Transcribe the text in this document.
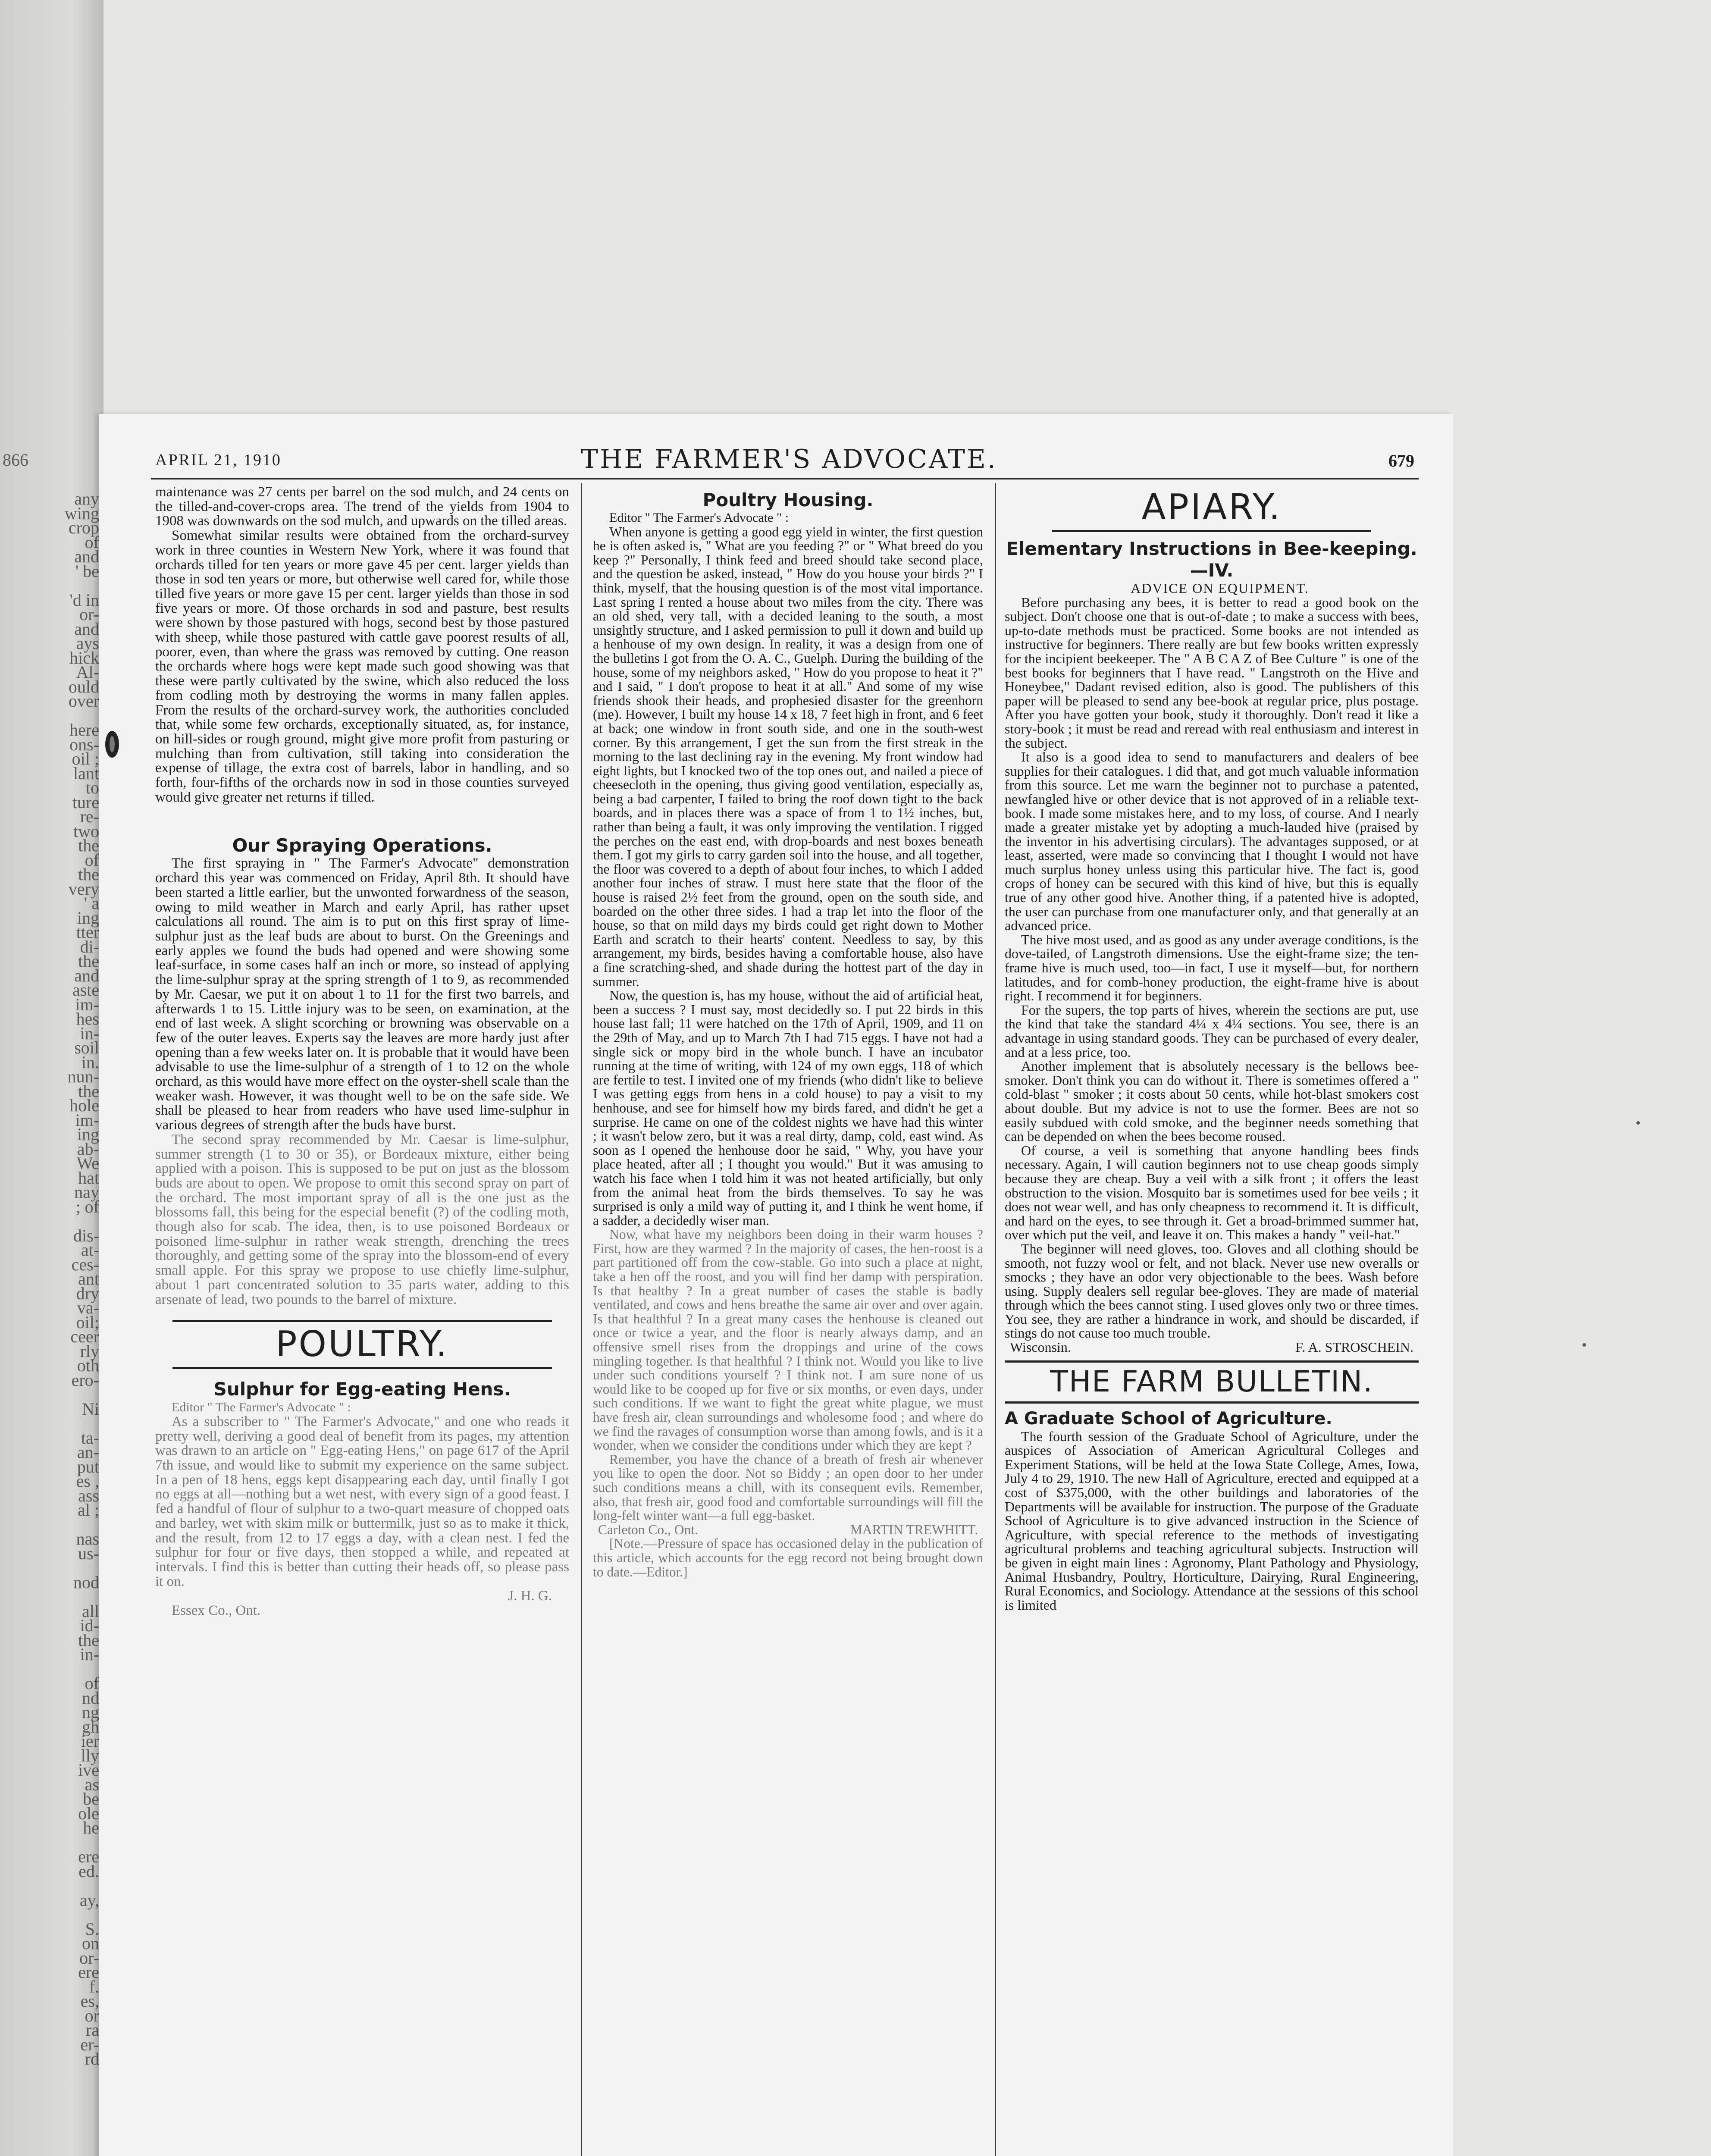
866
any
wing
crop
of
and
' be
'd in
or-
and
ays
hick
Al-
ould
over
here
ons-
oil ;
lant
to
ture
re-
two
the
of
the
very
' a
ing
tter
di-
the
and
aste
im-
hes
in-
soil
in.
nun-
the
hole
im-
ing
ab-
We
hat
nay
; of
dis-
at-
ces-
ant
dry
va-
oil;
ceer
rly
oth
ero-
Ni
ta-
an-
put
es ,
ass
al ;
nas
us-
nod
all
id-
the
in-
of
nd
ng
gh
ier
lly
ive
as
be
ole
he
ere
ed.
ay,
S.
on
or-
ere
f.
es,
or
ra
er-
rd
APRIL 21, 1910	THE FARMER'S ADVOCATE.	679

maintenance was 27 cents per barrel on the sod mulch, and 24 cents on the tilled-and-cover-crops area. The trend of the yields from 1904 to 1908 was downwards on the sod mulch, and upwards on the tilled areas.

Somewhat similar results were obtained from the orchard-survey work in three counties in Western New York, where it was found that orchards tilled for ten years or more gave 45 per cent. larger yields than those in sod ten years or more, but otherwise well cared for, while those tilled five years or more gave 15 per cent. larger yields than those in sod five years or more. Of those orchards in sod and pasture, best results were shown by those pastured with hogs, second best by those pastured with sheep, while those pastured with cattle gave poorest results of all, poorer, even, than where the grass was removed by cutting. One reason the orchards where hogs were kept made such good showing was that these were partly cultivated by the swine, which also reduced the loss from codling moth by destroying the worms in many fallen apples. From the results of the orchard-survey work, the authorities concluded that, while some few orchards, exceptionally situated, as, for instance, on hill-sides or rough ground, might give more profit from pasturing or mulching than from cultivation, still taking into consideration the expense of tillage, the extra cost of barrels, labor in handling, and so forth, four-fifths of the orchards now in sod in those counties surveyed would give greater net returns if tilled.

Our Spraying Operations.

The first spraying in " The Farmer's Advocate" demonstration orchard this year was commenced on Friday, April 8th. It should have been started a little earlier, but the unwonted forwardness of the season, owing to mild weather in March and early April, has rather upset calculations all round. The aim is to put on this first spray of lime-sulphur just as the leaf buds are about to burst. On the Greenings and early apples we found the buds had opened and were showing some leaf-surface, in some cases half an inch or more, so instead of applying the lime-sulphur spray at the spring strength of 1 to 9, as recommended by Mr. Caesar, we put it on about 1 to 11 for the first two barrels, and afterwards 1 to 15. Little injury was to be seen, on examination, at the end of last week. A slight scorching or browning was observable on a few of the outer leaves. Experts say the leaves are more hardy just after opening than a few weeks later on. It is probable that it would have been advisable to use the lime-sulphur of a strength of 1 to 12 on the whole orchard, as this would have more effect on the oyster-shell scale than the weaker wash. However, it was thought well to be on the safe side. We shall be pleased to hear from readers who have used lime-sulphur in various degrees of strength after the buds have burst.

The second spray recommended by Mr. Caesar is lime-sulphur, summer strength (1 to 30 or 35), or Bordeaux mixture, either being applied with a poison. This is supposed to be put on just as the blossom buds are about to open. We propose to omit this second spray on part of the orchard. The most important spray of all is the one just as the blossoms fall, this being for the especial benefit (?) of the codling moth, though also for scab. The idea, then, is to use poisoned Bordeaux or poisoned lime-sulphur in rather weak strength, drenching the trees thoroughly, and getting some of the spray into the blossom-end of every small apple. For this spray we propose to use chiefly lime-sulphur, about 1 part concentrated solution to 35 parts water, adding to this arsenate of lead, two pounds to the barrel of mixture.

POULTRY.
Sulphur for Egg-eating Hens.

Editor " The Farmer's Advocate " :

As a subscriber to " The Farmer's Advocate," and one who reads it pretty well, deriving a good deal of benefit from its pages, my attention was drawn to an article on " Egg-eating Hens," on page 617 of the April 7th issue, and would like to submit my experience on the same subject. In a pen of 18 hens, eggs kept disappearing each day, until finally I got no eggs at all—nothing but a wet nest, with every sign of a good feast. I fed a handful of flour of sulphur to a two-quart measure of chopped oats and barley, wet with skim milk or buttermilk, just so as to make it thick, and the result, from 12 to 17 eggs a day, with a clean nest. I fed the sulphur for four or five days, then stopped a while, and repeated at intervals. I find this is better than cutting their heads off, so please pass it on.

J. H. G.

Essex Co., Ont.

Poultry Housing.

Editor " The Farmer's Advocate " :

When anyone is getting a good egg yield in winter, the first question he is often asked is, " What are you feeding ?" or " What breed do you keep ?" Personally, I think feed and breed should take second place, and the question be asked, instead, " How do you house your birds ?" I think, myself, that the housing question is of the most vital importance. Last spring I rented a house about two miles from the city. There was an old shed, very tall, with a decided leaning to the south, a most unsightly structure, and I asked permission to pull it down and build up a henhouse of my own design. In reality, it was a design from one of the bulletins I got from the O. A. C., Guelph. During the building of the house, some of my neighbors asked, " How do you propose to heat it ?" and I said, " I don't propose to heat it at all." And some of my wise friends shook their heads, and prophesied disaster for the greenhorn (me). However, I built my house 14 x 18, 7 feet high in front, and 6 feet at back; one window in front south side, and one in the south-west corner. By this arrangement, I get the sun from the first streak in the morning to the last declining ray in the evening. My front window had eight lights, but I knocked two of the top ones out, and nailed a piece of cheesecloth in the opening, thus giving good ventilation, especially as, being a bad carpenter, I failed to bring the roof down tight to the back boards, and in places there was a space of from 1 to 1½ inches, but, rather than being a fault, it was only improving the ventilation. I rigged the perches on the east end, with drop-boards and nest boxes beneath them. I got my girls to carry garden soil into the house, and all together, the floor was covered to a depth of about four inches, to which I added another four inches of straw. I must here state that the floor of the house is raised 2½ feet from the ground, open on the south side, and boarded on the other three sides. I had a trap let into the floor of the house, so that on mild days my birds could get right down to Mother Earth and scratch to their hearts' content. Needless to say, by this arrangement, my birds, besides having a comfortable house, also have a fine scratching-shed, and shade during the hottest part of the day in summer.

Now, the question is, has my house, without the aid of artificial heat, been a success ? I must say, most decidedly so. I put 22 birds in this house last fall; 11 were hatched on the 17th of April, 1909, and 11 on the 29th of May, and up to March 7th I had 715 eggs. I have not had a single sick or mopy bird in the whole bunch. I have an incubator running at the time of writing, with 124 of my own eggs, 118 of which are fertile to test. I invited one of my friends (who didn't like to believe I was getting eggs from hens in a cold house) to pay a visit to my henhouse, and see for himself how my birds fared, and didn't he get a surprise. He came on one of the coldest nights we have had this winter ; it wasn't below zero, but it was a real dirty, damp, cold, east wind. As soon as I opened the henhouse door he said, " Why, you have your place heated, after all ; I thought you would." But it was amusing to watch his face when I told him it was not heated artificially, but only from the animal heat from the birds themselves. To say he was surprised is only a mild way of putting it, and I think he went home, if a sadder, a decidedly wiser man.

Now, what have my neighbors been doing in their warm houses ? First, how are they warmed ? In the majority of cases, the hen-roost is a part partitioned off from the cow-stable. Go into such a place at night, take a hen off the roost, and you will find her damp with perspiration. Is that healthy ? In a great number of cases the stable is badly ventilated, and cows and hens breathe the same air over and over again. Is that healthful ? In a great many cases the henhouse is cleaned out once or twice a year, and the floor is nearly always damp, and an offensive smell rises from the droppings and urine of the cows mingling together. Is that healthful ? I think not. Would you like to live under such conditions yourself ? I think not. I am sure none of us would like to be cooped up for five or six months, or even days, under such conditions. If we want to fight the great white plague, we must have fresh air, clean surroundings and wholesome food ; and where do we find the ravages of consumption worse than among fowls, and is it a wonder, when we consider the conditions under which they are kept ?

Remember, you have the chance of a breath of fresh air whenever you like to open the door. Not so Biddy ; an open door to her under such conditions means a chill, with its consequent evils. Remember, also, that fresh air, good food and comfortable surroundings will fill the long-felt winter want—a full egg-basket.

Carleton Co., Ont.	MARTIN TREWHITT.

[Note.—Pressure of space has occasioned delay in the publication of this article, which accounts for the egg record not being brought down to date.—Editor.]

APIARY.
Elementary Instructions in Bee-keeping.—IV.

ADVICE ON EQUIPMENT.

Before purchasing any bees, it is better to read a good book on the subject. Don't choose one that is out-of-date ; to make a success with bees, up-to-date methods must be practiced. Some books are not intended as instructive for beginners. There really are but few books written expressly for the incipient beekeeper. The " A B C A Z of Bee Culture " is one of the best books for beginners that I have read. " Langstroth on the Hive and Honeybee," Dadant revised edition, also is good. The publishers of this paper will be pleased to send any bee-book at regular price, plus postage. After you have gotten your book, study it thoroughly. Don't read it like a story-book ; it must be read and reread with real enthusiasm and interest in the subject.

It also is a good idea to send to manufacturers and dealers of bee supplies for their catalogues. I did that, and got much valuable information from this source. Let me warn the beginner not to purchase a patented, newfangled hive or other device that is not approved of in a reliable text-book. I made some mistakes here, and to my loss, of course. And I nearly made a greater mistake yet by adopting a much-lauded hive (praised by the inventor in his advertising circulars). The advantages supposed, or at least, asserted, were made so convincing that I thought I would not have much surplus honey unless using this particular hive. The fact is, good crops of honey can be secured with this kind of hive, but this is equally true of any other good hive. Another thing, if a patented hive is adopted, the user can purchase from one manufacturer only, and that generally at an advanced price.

The hive most used, and as good as any under average conditions, is the dove-tailed, of Langstroth dimensions. Use the eight-frame size; the ten-frame hive is much used, too—in fact, I use it myself—but, for northern latitudes, and for comb-honey production, the eight-frame hive is about right. I recommend it for beginners.

For the supers, the top parts of hives, wherein the sections are put, use the kind that take the standard 4¼ x 4¼ sections. You see, there is an advantage in using standard goods. They can be purchased of every dealer, and at a less price, too.

Another implement that is absolutely necessary is the bellows bee-smoker. Don't think you can do without it. There is sometimes offered a " cold-blast " smoker ; it costs about 50 cents, while hot-blast smokers cost about double. But my advice is not to use the former. Bees are not so easily subdued with cold smoke, and the beginner needs something that can be depended on when the bees become roused.

Of course, a veil is something that anyone handling bees finds necessary. Again, I will caution beginners not to use cheap goods simply because they are cheap. Buy a veil with a silk front ; it offers the least obstruction to the vision. Mosquito bar is sometimes used for bee veils ; it does not wear well, and has only cheapness to recommend it. It is difficult, and hard on the eyes, to see through it. Get a broad-brimmed summer hat, over which put the veil, and leave it on. This makes a handy " veil-hat."

The beginner will need gloves, too. Gloves and all clothing should be smooth, not fuzzy wool or felt, and not black. Never use new overalls or smocks ; they have an odor very objectionable to the bees. Wash before using. Supply dealers sell regular bee-gloves. They are made of material through which the bees cannot sting. I used gloves only two or three times. You see, they are rather a hindrance in work, and should be discarded, if stings do not cause too much trouble.

Wisconsin.	F. A. STROSCHEIN.
THE FARM BULLETIN.
A Graduate School of Agriculture.

The fourth session of the Graduate School of Agriculture, under the auspices of Association of American Agricultural Colleges and Experiment Stations, will be held at the Iowa State College, Ames, Iowa, July 4 to 29, 1910. The new Hall of Agriculture, erected and equipped at a cost of $375,000, with the other buildings and laboratories of the Departments will be available for instruction. The purpose of the Graduate School of Agriculture is to give advanced instruction in the Science of Agriculture, with special reference to the methods of investigating agricultural problems and teaching agricultural subjects. Instruction will be given in eight main lines : Agronomy, Plant Pathology and Physiology, Animal Husbandry, Poultry, Horticulture, Dairying, Rural Engineering, Rural Economics, and Sociology. Attendance at the sessions of this school is limited
